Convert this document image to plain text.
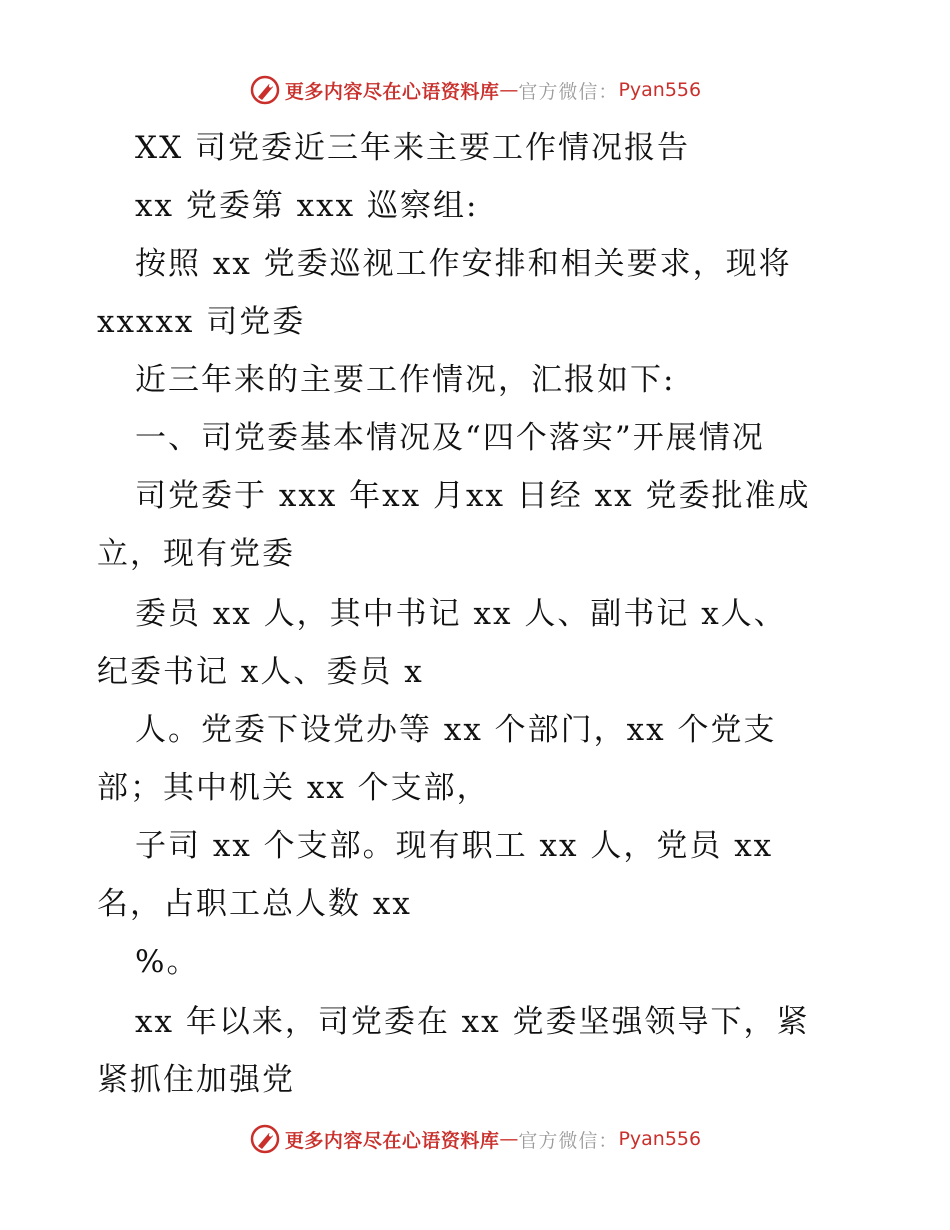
更多内容尽在心语资料库 — 官方微信： Pyan556
XX 司党委近三年来主要工作情况报告
xx 党委第 xxx 巡察组:
按照 xx 党委巡视工作安排和相关要求，现将
xxxxx 司党委
近三年来的主要工作情况，汇报如下:
一、司党委基本情况及“四个落实”开展情况
司党委于 xxx 年xx 月xx 日经 xx 党委批准成
立，现有党委
委员 xx 人，其中书记 xx 人、副书记 x人、
纪委书记 x人、委员 x
人。党委下设党办等 xx 个部门，xx 个党支
部；其中机关 xx 个支部，
子司 xx 个支部。现有职工 xx 人，党员 xx
名，占职工总人数 xx
%。
xx 年以来，司党委在 xx 党委坚强领导下，紧
紧抓住加强党
更多内容尽在心语资料库 — 官方微信： Pyan556
